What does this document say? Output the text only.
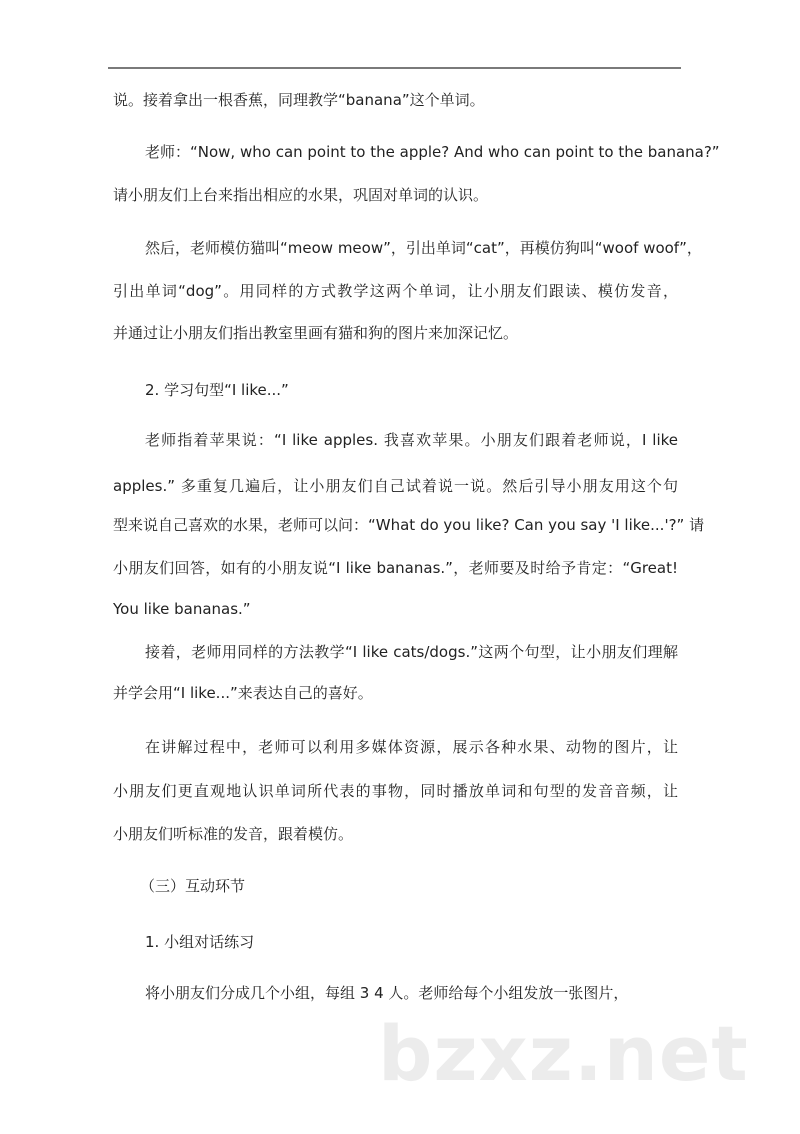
说。接着拿出一根香蕉，同理教学“banana”这个单词。
老师：“Now, who can point to the apple? And who can point to the banana?”
请小朋友们上台来指出相应的水果，巩固对单词的认识。
然后，老师模仿猫叫“meow meow”，引出单词“cat”，再模仿狗叫“woof woof”，
引出单词“dog”。用同样的方式教学这两个单词，让小朋友们跟读、模仿发音，
并通过让小朋友们指出教室里画有猫和狗的图片来加深记忆。
2. 学习句型“I like...”
老师指着苹果说：“I like apples. 我喜欢苹果。小朋友们跟着老师说，I like
apples.” 多重复几遍后，让小朋友们自己试着说一说。然后引导小朋友用这个句
型来说自己喜欢的水果，老师可以问：“What do you like? Can you say 'I like...'?” 请
小朋友们回答，如有的小朋友说“I like bananas.”，老师要及时给予肯定：“Great!
You like bananas.”
接着，老师用同样的方法教学“I like cats/dogs.”这两个句型，让小朋友们理解
并学会用“I like...”来表达自己的喜好。
在讲解过程中，老师可以利用多媒体资源，展示各种水果、动物的图片，让
小朋友们更直观地认识单词所代表的事物，同时播放单词和句型的发音音频，让
小朋友们听标准的发音，跟着模仿。
（三）互动环节
1. 小组对话练习
将小朋友们分成几个小组，每组 3 4 人。老师给每个小组发放一张图片，
bzxz.net
